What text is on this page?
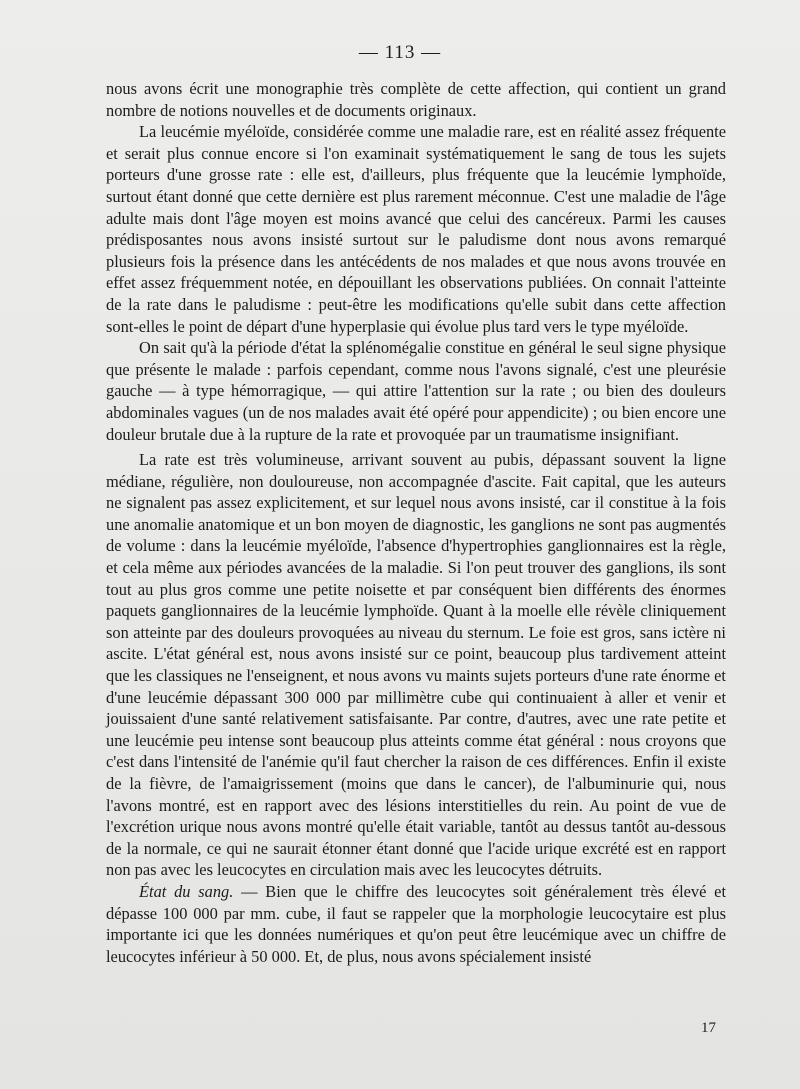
— 113 —

nous avons écrit une monographie très complète de cette affection, qui contient un grand nombre de notions nouvelles et de documents originaux.

La leucémie myéloïde, considérée comme une maladie rare, est en réalité assez fréquente et serait plus connue encore si l'on examinait systématiquement le sang de tous les sujets porteurs d'une grosse rate : elle est, d'ailleurs, plus fréquente que la leucémie lymphoïde, surtout étant donné que cette dernière est plus rarement méconnue. C'est une maladie de l'âge adulte mais dont l'âge moyen est moins avancé que celui des cancéreux. Parmi les causes prédisposantes nous avons insisté surtout sur le paludisme dont nous avons remarqué plusieurs fois la présence dans les antécédents de nos malades et que nous avons trouvée en effet assez fréquemment notée, en dépouillant les observations publiées. On connait l'atteinte de la rate dans le paludisme : peut-être les modifications qu'elle subit dans cette affection sont-elles le point de départ d'une hyperplasie qui évolue plus tard vers le type myéloïde.

On sait qu'à la période d'état la splénomégalie constitue en général le seul signe physique que présente le malade : parfois cependant, comme nous l'avons signalé, c'est une pleurésie gauche — à type hémorragique, — qui attire l'attention sur la rate ; ou bien des douleurs abdominales vagues (un de nos malades avait été opéré pour appendicite) ; ou bien encore une douleur brutale due à la rupture de la rate et provoquée par un traumatisme insignifiant.

La rate est très volumineuse, arrivant souvent au pubis, dépassant souvent la ligne médiane, régulière, non douloureuse, non accompagnée d'ascite. Fait capital, que les auteurs ne signalent pas assez explicitement, et sur lequel nous avons insisté, car il constitue à la fois une anomalie anatomique et un bon moyen de diagnostic, les ganglions ne sont pas augmentés de volume : dans la leucémie myéloïde, l'absence d'hypertrophies ganglionnaires est la règle, et cela même aux périodes avancées de la maladie. Si l'on peut trouver des ganglions, ils sont tout au plus gros comme une petite noisette et par conséquent bien différents des énormes paquets ganglionnaires de la leucémie lymphoïde. Quant à la moelle elle révèle cliniquement son atteinte par des douleurs provoquées au niveau du sternum. Le foie est gros, sans ictère ni ascite. L'état général est, nous avons insisté sur ce point, beaucoup plus tardivement atteint que les classiques ne l'enseignent, et nous avons vu maints sujets porteurs d'une rate énorme et d'une leucémie dépassant 300 000 par millimètre cube qui continuaient à aller et venir et jouissaient d'une santé relativement satisfaisante. Par contre, d'autres, avec une rate petite et une leucémie peu intense sont beaucoup plus atteints comme état général : nous croyons que c'est dans l'intensité de l'anémie qu'il faut chercher la raison de ces différences. Enfin il existe de la fièvre, de l'amaigrissement (moins que dans le cancer), de l'albuminurie qui, nous l'avons montré, est en rapport avec des lésions interstitielles du rein. Au point de vue de l'excrétion urique nous avons montré qu'elle était variable, tantôt au dessus tantôt au-dessous de la normale, ce qui ne saurait étonner étant donné que l'acide urique excrété est en rapport non pas avec les leucocytes en circulation mais avec les leucocytes détruits.

État du sang. — Bien que le chiffre des leucocytes soit généralement très élevé et dépasse 100 000 par mm. cube, il faut se rappeler que la morphologie leucocytaire est plus importante ici que les données numériques et qu'on peut être leucémique avec un chiffre de leucocytes inférieur à 50 000. Et, de plus, nous avons spécialement insisté

17
